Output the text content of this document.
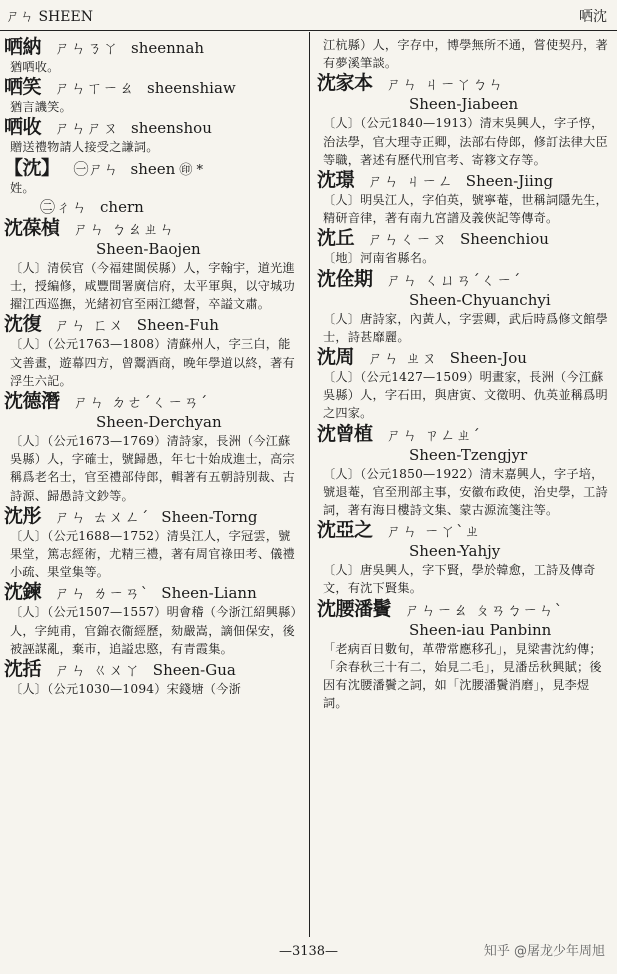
ㄕㄣ SHEEN	哂沈
哂納 ㄕㄣㄋㄚ sheennah
猶哂收。
哂笑 ㄕㄣㄒㄧㄠ sheenshiaw
猶言譏笑。
哂收 ㄕㄣㄕㄡ sheenshou
贈送禮物請人接受之謙詞。
【沈】 ㊀ㄕㄣ sheen ㊞ *
姓。
㊁ㄔㄣ chern
沈葆楨 ㄕㄣ ㄅㄠㄓㄣ
Sheen-Baojen
〔人〕清侯官（今福建閩侯縣）人，字翰宇，道光進士，授編修，咸豐間署廣信府，太平軍與，以守城功擢江西巡撫，光緒初官至兩江總督，卒謚文肅。
沈復 ㄕㄣ ㄈㄨ Sheen-Fuh
〔人〕（公元1763—1808）清蘇州人，字三白，能文善畫，遊幕四方，曾鬻酒商，晚年學道以終，著有浮生六記。
沈德潛 ㄕㄣ ㄉㄜˊㄑㄧㄢˊ
Sheen-Derchyan
〔人〕（公元1673—1769）清詩家，長洲（今江蘇吳縣）人，字確士，號歸愚，年七十始成進士，高宗稱爲老名士，官至禮部侍郎，輯著有五朝詩別裁、古詩源、歸愚詩文鈔等。
沈彤 ㄕㄣ ㄊㄨㄥˊ Sheen-Torng
〔人〕（公元1688—1752）清吳江人，字冠雲，號果堂，篤志經術，尤精三禮，著有周官祿田考、儀禮小疏、果堂集等。
沈鍊 ㄕㄣ ㄌㄧㄢˋ Sheen-Liann
〔人〕（公元1507—1557）明會稽（今浙江紹興縣）人，字純甫，官錦衣衞經歷，劾嚴嵩，謫佃保安，後被誣謀亂，棄市，追謚忠愍，有青霞集。
沈括 ㄕㄣ ㄍㄨㄚ Sheen-Gua
〔人〕（公元1030—1094）宋錢塘（今浙
江杭縣）人，字存中，博學無所不通，嘗使契丹，著有夢溪筆談。
沈家本 ㄕㄣ ㄐㄧㄚㄅㄣ
Sheen-Jiabeen
〔人〕（公元1840—1913）清末吳興人，字子惇，治法學，官大理寺正卿，法部右侍郎，修訂法律大臣等職，著述有歷代刑官考、寄簃文存等。
沈璟 ㄕㄣ ㄐㄧㄥ Sheen-Jiing
〔人〕明吳江人，字伯英，號寧菴，世稱詞隱先生，精研音律，著有南九宮譜及義俠記等傳奇。
沈丘 ㄕㄣㄑㄧㄡ Sheenchiou
〔地〕河南省縣名。
沈佺期 ㄕㄣ ㄑㄩㄢˊㄑㄧˊ
Sheen-Chyuanchyi
〔人〕唐詩家，內黃人，字雲卿，武后時爲修文館學士，詩甚靡麗。
沈周 ㄕㄣ ㄓㄡ Sheen-Jou
〔人〕（公元1427—1509）明畫家，長洲（今江蘇吳縣）人，字石田，與唐寅、文徵明、仇英並稱爲明之四家。
沈曾植 ㄕㄣ ㄗㄥㄓˊ
Sheen-Tzengjyr
〔人〕（公元1850—1922）清末嘉興人，字子培，號退菴，官至刑部主事，安徽布政使，治史學，工詩詞，著有海日樓詩文集、蒙古源流箋注等。
沈亞之 ㄕㄣ ㄧㄚˋㄓ
Sheen-Yahjy
〔人〕唐吳興人，字下賢，學於韓愈，工詩及傳奇文，有沈下賢集。
沈腰潘鬢 ㄕㄣㄧㄠ ㄆㄢㄅㄧㄣˋ
Sheen-iau Panbinn
「老病百日數旬，革帶常應移孔」，見梁書沈約傳；「余春秋三十有二，始見二毛」，見潘岳秋興賦；後因有沈腰潘鬢之詞，如「沈腰潘鬢消磨」，見李煜詞。
—3138—	知乎 @屠龙少年周旭
